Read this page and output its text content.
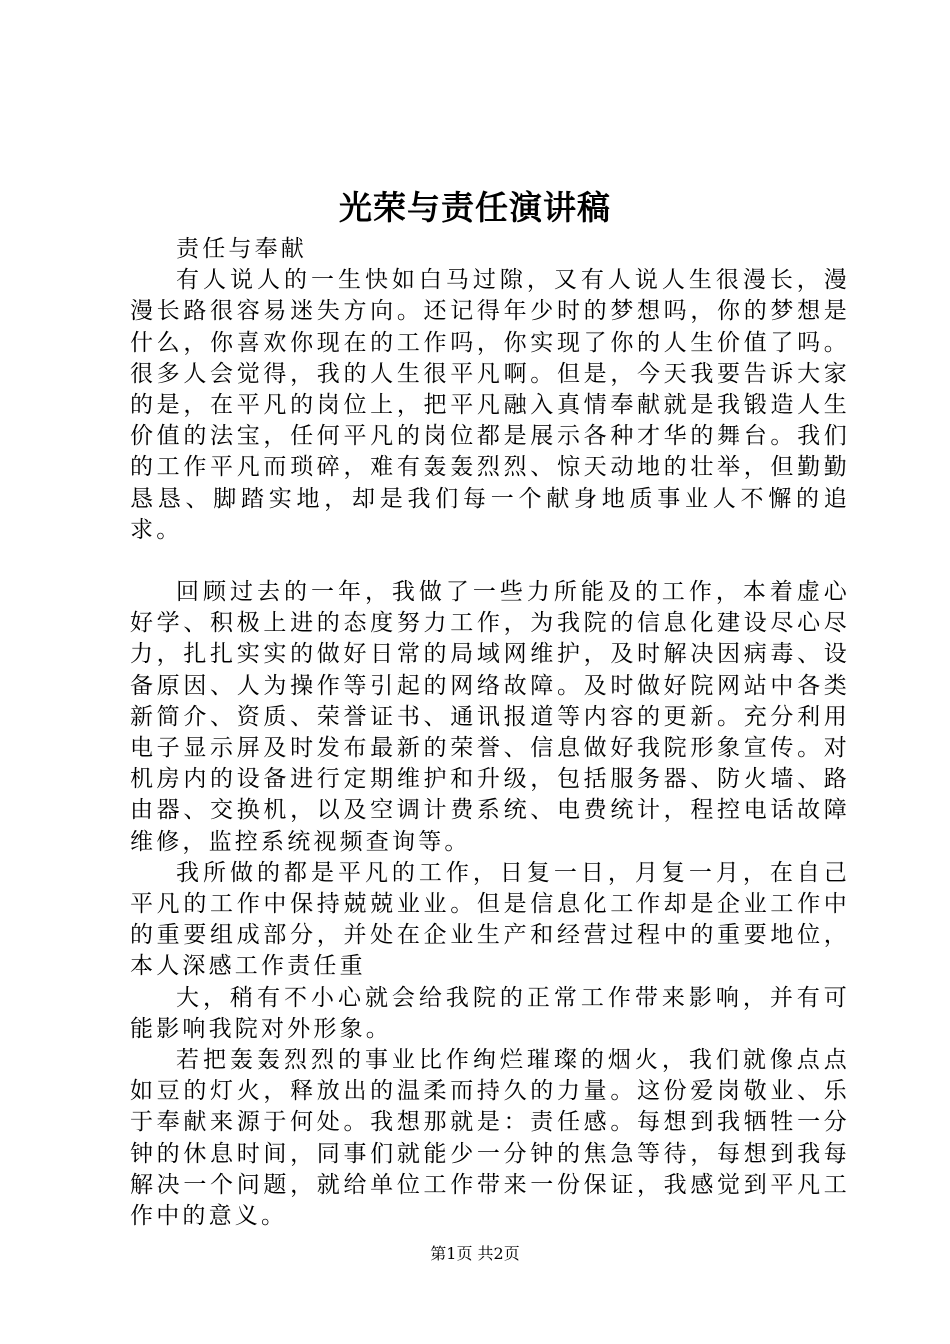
光荣与责任演讲稿

责任与奉献

有人说人的一生快如白马过隙，又有人说人生很漫长，漫漫长路很容易迷失方向。还记得年少时的梦想吗，你的梦想是什么，你喜欢你现在的工作吗，你实现了你的人生价值了吗。很多人会觉得，我的人生很平凡啊。但是，今天我要告诉大家的是，在平凡的岗位上，把平凡融入真情奉献就是我锻造人生价值的法宝，任何平凡的岗位都是展示各种才华的舞台。我们的工作平凡而琐碎，难有轰轰烈烈、惊天动地的壮举，但勤勤恳恳、脚踏实地，却是我们每一个献身地质事业人不懈的追求。

回顾过去的一年，我做了一些力所能及的工作，本着虚心好学、积极上进的态度努力工作，为我院的信息化建设尽心尽力，扎扎实实的做好日常的局域网维护，及时解决因病毒、设备原因、人为操作等引起的网络故障。及时做好院网站中各类新简介、资质、荣誉证书、通讯报道等内容的更新。充分利用电子显示屏及时发布最新的荣誉、信息做好我院形象宣传。对机房内的设备进行定期维护和升级，包括服务器、防火墙、路由器、交换机，以及空调计费系统、电费统计，程控电话故障维修，监控系统视频查询等。

我所做的都是平凡的工作，日复一日，月复一月，在自己平凡的工作中保持兢兢业业。但是信息化工作却是企业工作中的重要组成部分，并处在企业生产和经营过程中的重要地位，本人深感工作责任重

大，稍有不小心就会给我院的正常工作带来影响，并有可能影响我院对外形象。

若把轰轰烈烈的事业比作绚烂璀璨的烟火，我们就像点点如豆的灯火，释放出的温柔而持久的力量。这份爱岗敬业、乐于奉献来源于何处。我想那就是：责任感。每想到我牺牲一分钟的休息时间，同事们就能少一分钟的焦急等待，每想到我每解决一个问题，就给单位工作带来一份保证，我感觉到平凡工作中的意义。

第1页 共2页
